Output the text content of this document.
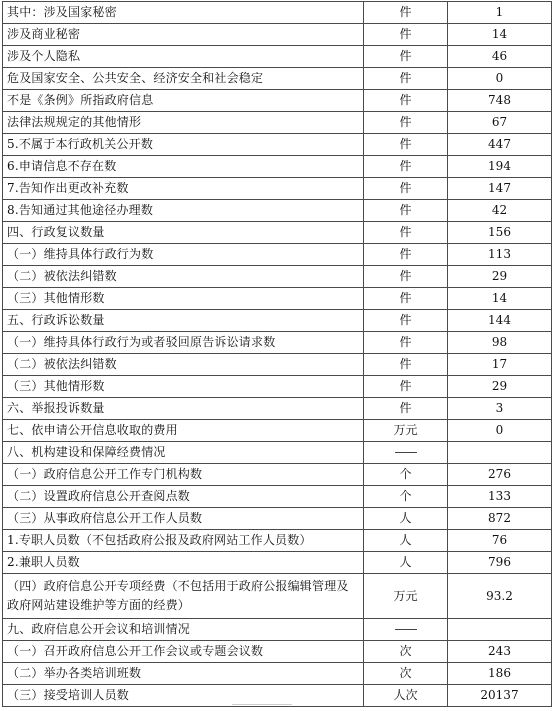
其中：涉及国家秘密	件	1
涉及商业秘密	件	14
涉及个人隐私	件	46
危及国家安全、公共安全、经济安全和社会稳定	件	0
不是《条例》所指政府信息	件	748
法律法规规定的其他情形	件	67
5.不属于本行政机关公开数	件	447
6.申请信息不存在数	件	194
7.告知作出更改补充数	件	147
8.告知通过其他途径办理数	件	42
四、行政复议数量	件	156
（一）维持具体行政行为数	件	113
（二）被依法纠错数	件	29
（三）其他情形数	件	14
五、行政诉讼数量	件	144
（一）维持具体行政行为或者驳回原告诉讼请求数	件	98
（二）被依法纠错数	件	17
（三）其他情形数	件	29
六、举报投诉数量	件	3
七、依申请公开信息收取的费用	万元	0
八、机构建设和保障经费情况	——	
（一）政府信息公开工作专门机构数	个	276
（二）设置政府信息公开查阅点数	个	133
（三）从事政府信息公开工作人员数	人	872
1.专职人员数（不包括政府公报及政府网站工作人员数）	人	76
2.兼职人员数	人	796
（四）政府信息公开专项经费（不包括用于政府公报编辑管理及政府网站建设维护等方面的经费）	万元	93.2
九、政府信息公开会议和培训情况	——	
（一）召开政府信息公开工作会议或专题会议数	次	243
（二）举办各类培训班数	次	186
（三）接受培训人员数	人次	20137
